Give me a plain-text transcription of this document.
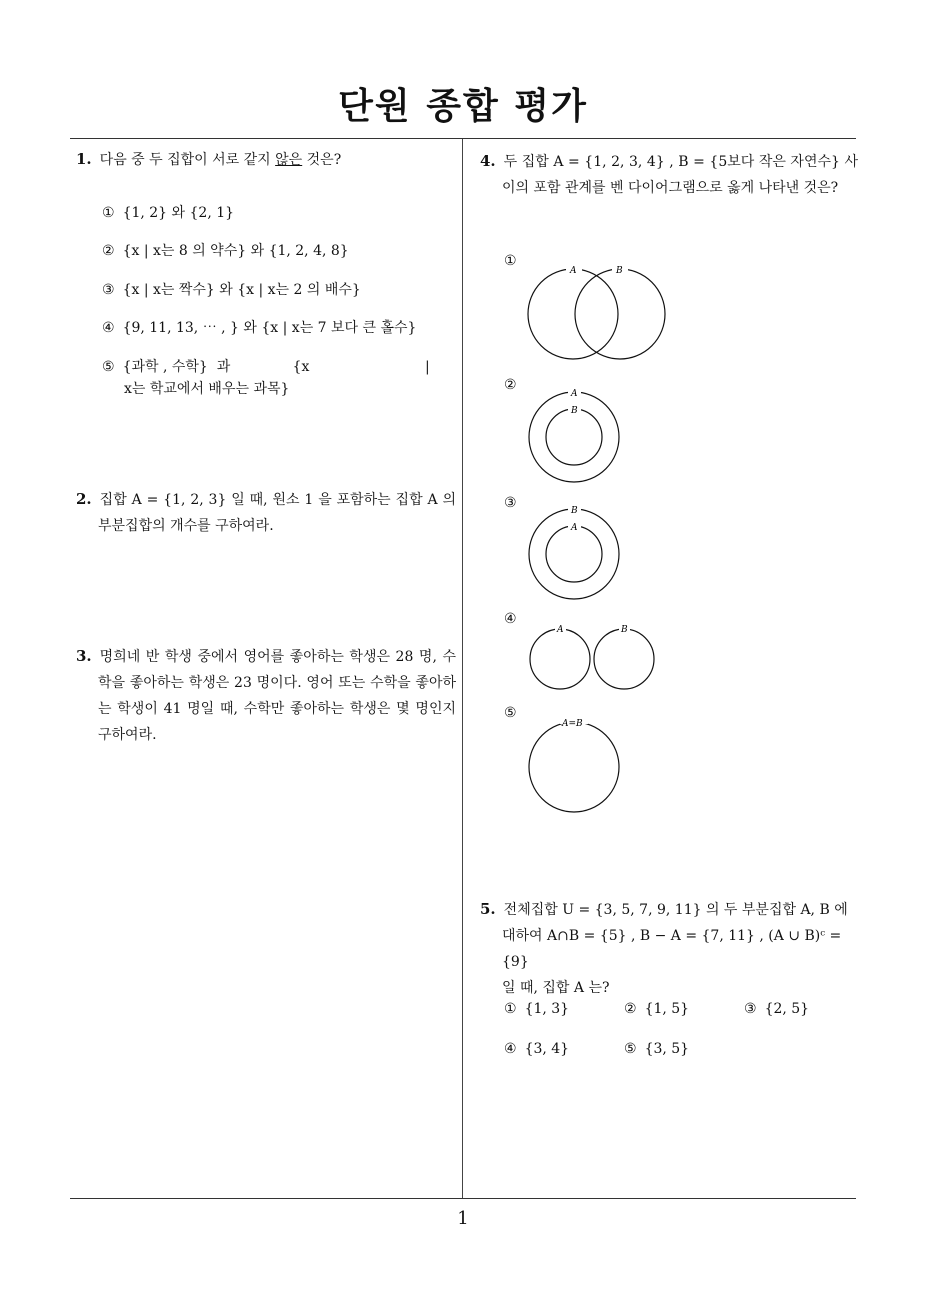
단원 종합 평가
1
1. 다음 중 두 집합이 서로 같지 않은 것은?
① {1, 2} 와 {2, 1}
② {x | x는 8 의 약수} 와 {1, 2, 4, 8}
③ {x | x는 짝수} 와 {x | x는 2 의 배수}
④ {9, 11, 13, ⋯ , } 와 {x | x는 7 보다 큰 홀수}
⑤ {과학 , 수학}  과              {x                          |
x는 학교에서 배우는 과목}
2. 집합 A = {1, 2, 3} 일 때, 원소 1 을 포함하는 집합 A 의 부분집합의 개수를 구하여라.
3. 명희네 반 학생 중에서 영어를 좋아하는 학생은 28 명, 수학을 좋아하는 학생은 23 명이다. 영어 또는 수학을 좋아하는 학생이 41 명일 때, 수학만 좋아하는 학생은 몇 명인지 구하여라.
4. 두 집합 A = {1, 2, 3, 4} , B = {5보다 작은 자연수} 사이의 포함 관계를 벤 다이어그램으로 옳게 나타낸 것은?
①
A	B
②
A
B
③	B
A
④
A	B
⑤
A=B
5. 전체집합 U = {3, 5, 7, 9, 11} 의 두 부분집합 A, B 에
대하여 A∩B = {5} , B − A = {7, 11} , (A ∪ B)ᶜ = {9}
일 때, 집합 A 는?
① {1, 3}	② {1, 5}	③ {2, 5}
④ {3, 4}	⑤ {3, 5}
